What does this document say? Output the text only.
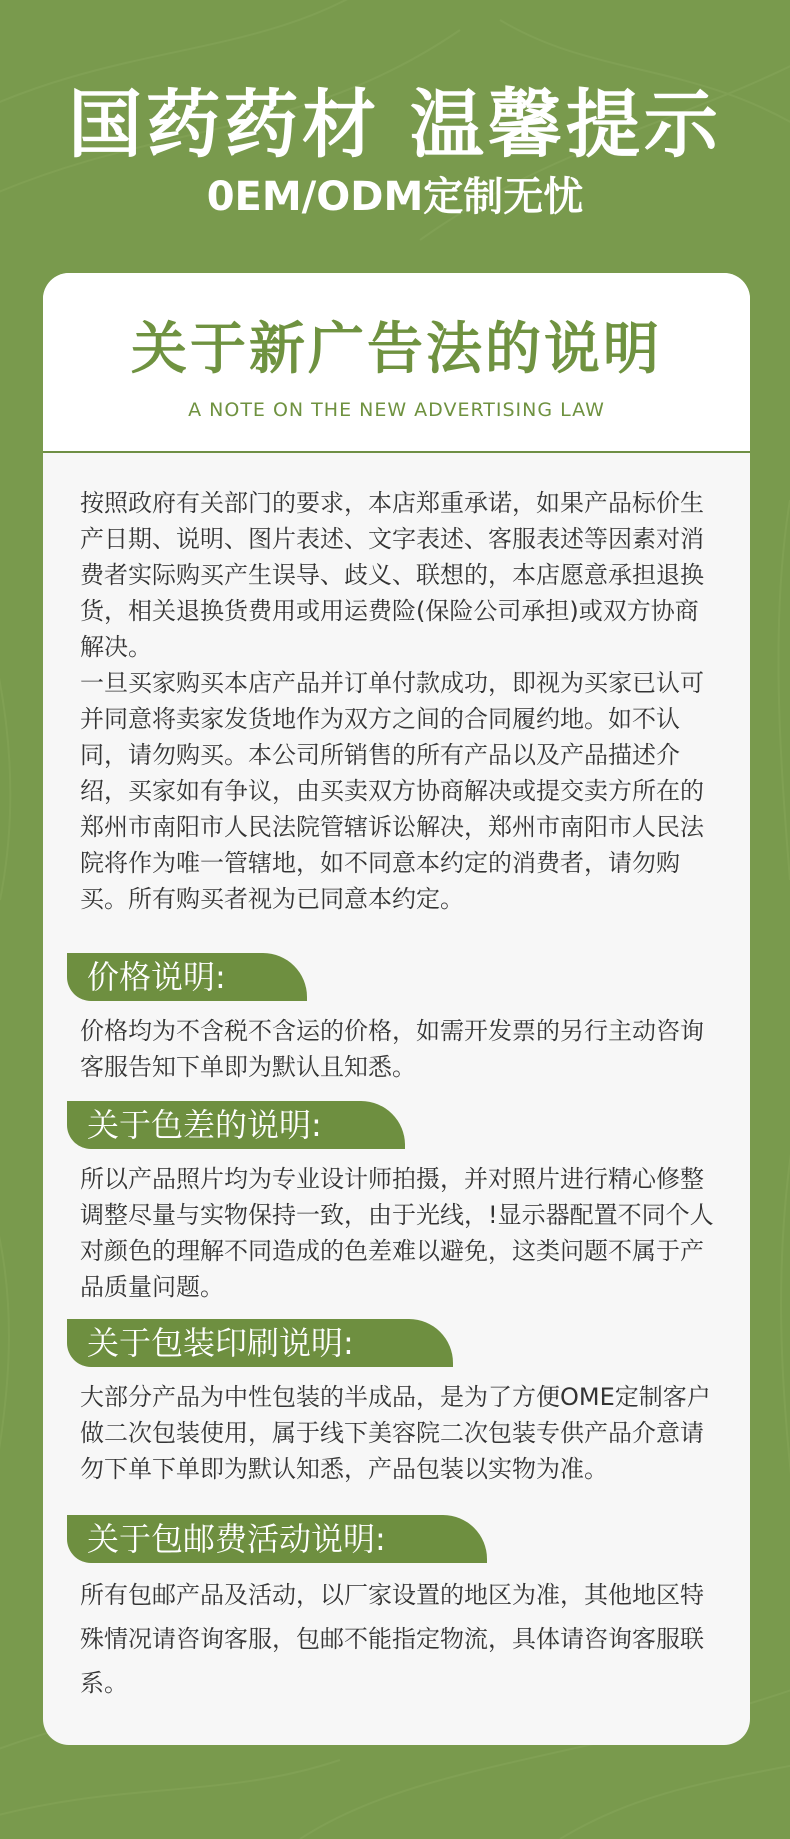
国药药材 温馨提示
0EM/ODM定制无忧
关于新广告法的说明
A NOTE ON THE NEW ADVERTISING LAW
按照政府有关部门的要求，本店郑重承诺，如果产品标价生产日期、说明、图片表述、文字表述、客服表述等因素对消费者实际购买产生误导、歧义、联想的，本店愿意承担退换货，相关退换货费用或用运费险(保险公司承担)或双方协商解决。
一旦买家购买本店产品并订单付款成功，即视为买家已认可并同意将卖家发货地作为双方之间的合同履约地。如不认同，请勿购买。本公司所销售的所有产品以及产品描述介绍，买家如有争议，由买卖双方协商解决或提交卖方所在的郑州市南阳市人民法院管辖诉讼解决，郑州市南阳市人民法院将作为唯一管辖地，如不同意本约定的消费者，请勿购买。所有购买者视为已同意本约定。
价格说明:
价格均为不含税不含运的价格，如需开发票的另行主动咨询客服告知下单即为默认且知悉。
关于色差的说明:
所以产品照片均为专业设计师拍摄，并对照片进行精心修整调整尽量与实物保持一致，由于光线，!显示器配置不同个人对颜色的理解不同造成的色差难以避免，这类问题不属于产品质量问题。
关于包装印刷说明:
大部分产品为中性包装的半成品，是为了方便OME定制客户做二次包装使用，属于线下美容院二次包装专供产品介意请勿下单下单即为默认知悉，产品包装以实物为准。
关于包邮费活动说明:
所有包邮产品及活动，以厂家设置的地区为准，其他地区特殊情况请咨询客服，包邮不能指定物流，具体请咨询客服联系。
